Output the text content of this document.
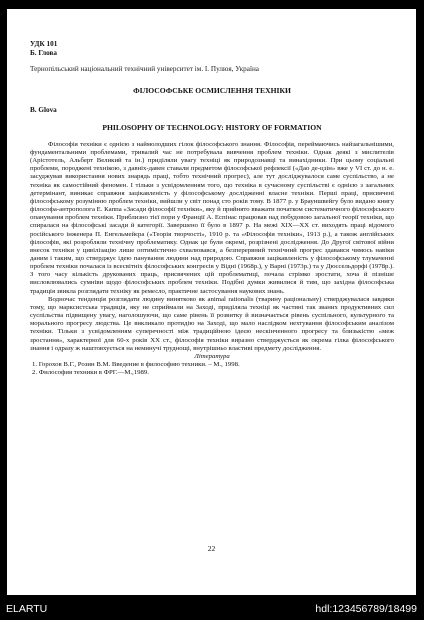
УДК 101

Б. Глова

Тернопільський національний технічний університет ім. І. Пулюя, Україна

ФІЛОСОФСЬКЕ ОСМИСЛЕННЯ ТЕХНІКИ

B. Glova

PHILOSOPHY OF TECHNOLOGY: HISTORY OF FORMATION

Філософія техніки є однією з наймолодших гілок філософського знання. Філософія, переймаючись найзагальнішими, фундаментальними проблемами, тривалий час не потребувала вивчення проблем техніки. Однак деякі з мислителів (Арістотель, Альберт Великий та ін.) приділяли увагу техніці як природознавці та винахідники. При цьому соціальні проблеми, породжені технікою, з давніх-давен ставали предметом філософської рефлексії («Дао де-цзін» вже у VI ст. до н. е. засуджував використання нових знарядь праці, тобто технічний прогрес), але тут досліджувалося саме суспільство, а не техніка як самостійний феномен. І тільки з усвідомленням того, що техніка в сучасному суспільстві є однією з загальних детермінант, виникає справжня зацікавленість у філософському дослідженні власне техніки. Перші праці, присвячені філософському розумінню проблем техніки, вийшли у світ понад сто років тому. В 1877 р. у Брауншвейгу було видано книгу філософа-антрополога Е. Каппа «Засади філософії техніки», яку й прийнято вважати початком систематичного філософського опанування проблем техніки. Приблизно тієї пори у Франції А. Еспінас працював над побудовою загальної теорії техніки, що спиралася на філософські засади й категорії. Завершено її було в 1897 р. На межі XIX—XX ст. виходять праці відомого російського інженера П. Енгельмейєра («Теорія творчості», 1910 р. та «Філософія техніки», 1913 р.), а також англійських філософів, які розробляли технічну проблематику. Однак це були окремі, розрізнені дослідження. До Другої світової війни внесок техніки у цивілізацію лише оптимістично схвалювався, а безперервний технічний прогрес здавався чимось навіки даним і таким, що стверджує ідею панування людини над природою. Справжня зацікавленість у філософському тлумаченні проблем техніки почалася із всесвітніх філософських конгресів у Відні (1968р.), у Варні (1973р.) та у Дюссельдорфі (1978р.). З того часу кількість друкованих праць, присвячених цій проблематиці, почала стрімко зростати, хоча й пізніше висловлювались сумніви щодо філософських проблем техніки. Подібні думки живилися й тим, що західна філософська традиція звикла розглядати техніку як ремесло, практичне застосування наукових знань.

Водночас тенденція розглядати людину винятково як animal rationalis (тварину раціональну) стверджувалася завдяки тому, що марксистська традиція, яку не сприймали на Заході, приділяла техніці як частині так званих продуктивних сил суспільства підвищену увагу, наголошуючи, що саме рівень її розвитку й визначається рівень суспільного, культурного та морального прогресу людства. Це викликало протидію на Заході, що мало наслідком нехтування філософським аналізом техніки. Тільки з усвідомленням суперечності між традиційною ідеєю нескінченного прогресу та близькістю «меж зростання», характерної для 60-х років XX ст., філософія техніки виразно стверджується як окрема гілка філософського знання і одразу ж наштовхується на неминучі труднощі, внутрішньо властиві предмету дослідження.

Література
1. Горохов В.Г., Розин В.М. Введение в философию техники. – М., 1998.
2. Философия техники в ФРГ.—М.,1989.
22
ELARTU	hdl:123456789/18499
